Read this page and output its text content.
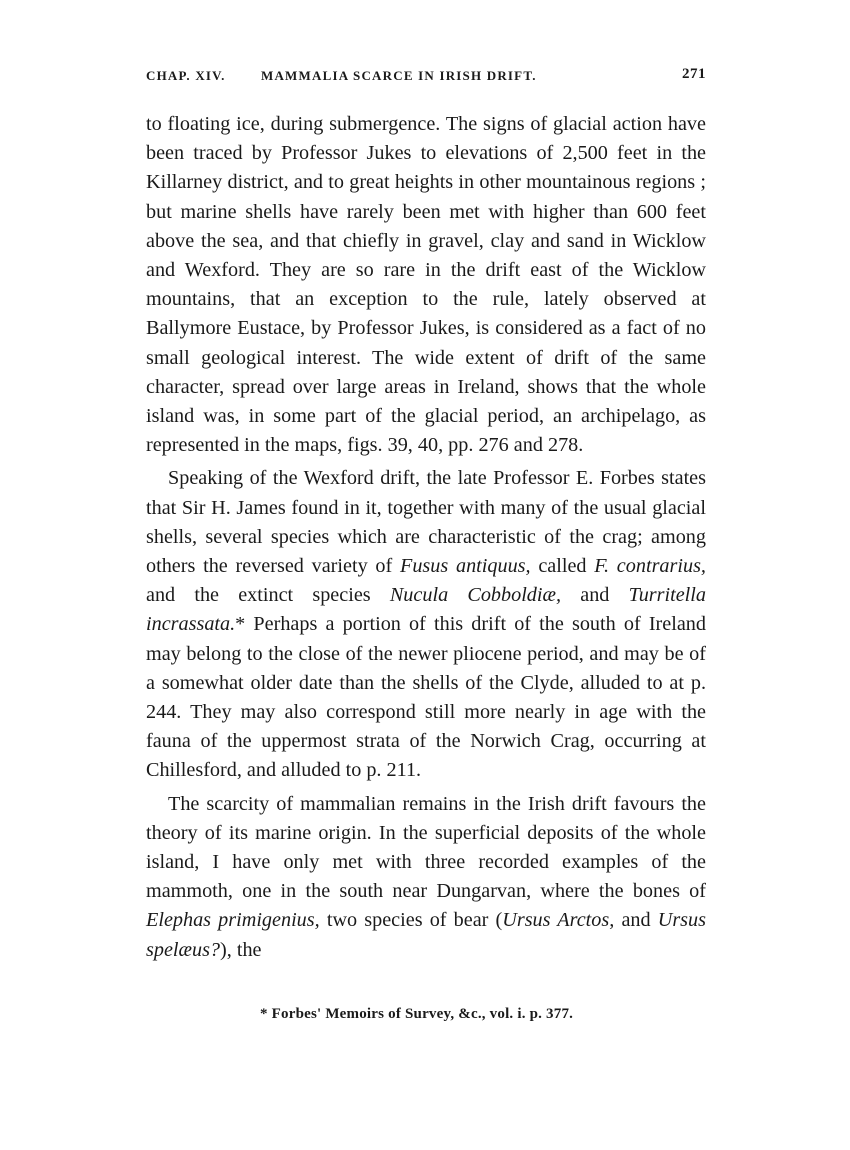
CHAP. XIV.	MAMMALIA SCARCE IN IRISH DRIFT.	271

to floating ice, during submergence. The signs of glacial action have been traced by Professor Jukes to elevations of 2,500 feet in the Killarney district, and to great heights in other mountainous regions ; but marine shells have rarely been met with higher than 600 feet above the sea, and that chiefly in gravel, clay and sand in Wicklow and Wexford. They are so rare in the drift east of the Wicklow mountains, that an exception to the rule, lately observed at Ballymore Eustace, by Professor Jukes, is considered as a fact of no small geological interest. The wide extent of drift of the same character, spread over large areas in Ireland, shows that the whole island was, in some part of the glacial period, an archipelago, as represented in the maps, figs. 39, 40, pp. 276 and 278.

Speaking of the Wexford drift, the late Professor E. Forbes states that Sir H. James found in it, together with many of the usual glacial shells, several species which are characteristic of the crag; among others the reversed variety of Fusus antiquus, called F. contrarius, and the extinct species Nucula Cobboldiæ, and Turritella incrassata.* Perhaps a portion of this drift of the south of Ireland may belong to the close of the newer pliocene period, and may be of a somewhat older date than the shells of the Clyde, alluded to at p. 244. They may also correspond still more nearly in age with the fauna of the uppermost strata of the Norwich Crag, occurring at Chillesford, and alluded to p. 211.

The scarcity of mammalian remains in the Irish drift favours the theory of its marine origin. In the superficial deposits of the whole island, I have only met with three recorded examples of the mammoth, one in the south near Dungarvan, where the bones of Elephas primigenius, two species of bear (Ursus Arctos, and Ursus spelæus?), the

* Forbes' Memoirs of Survey, &c., vol. i. p. 377.
